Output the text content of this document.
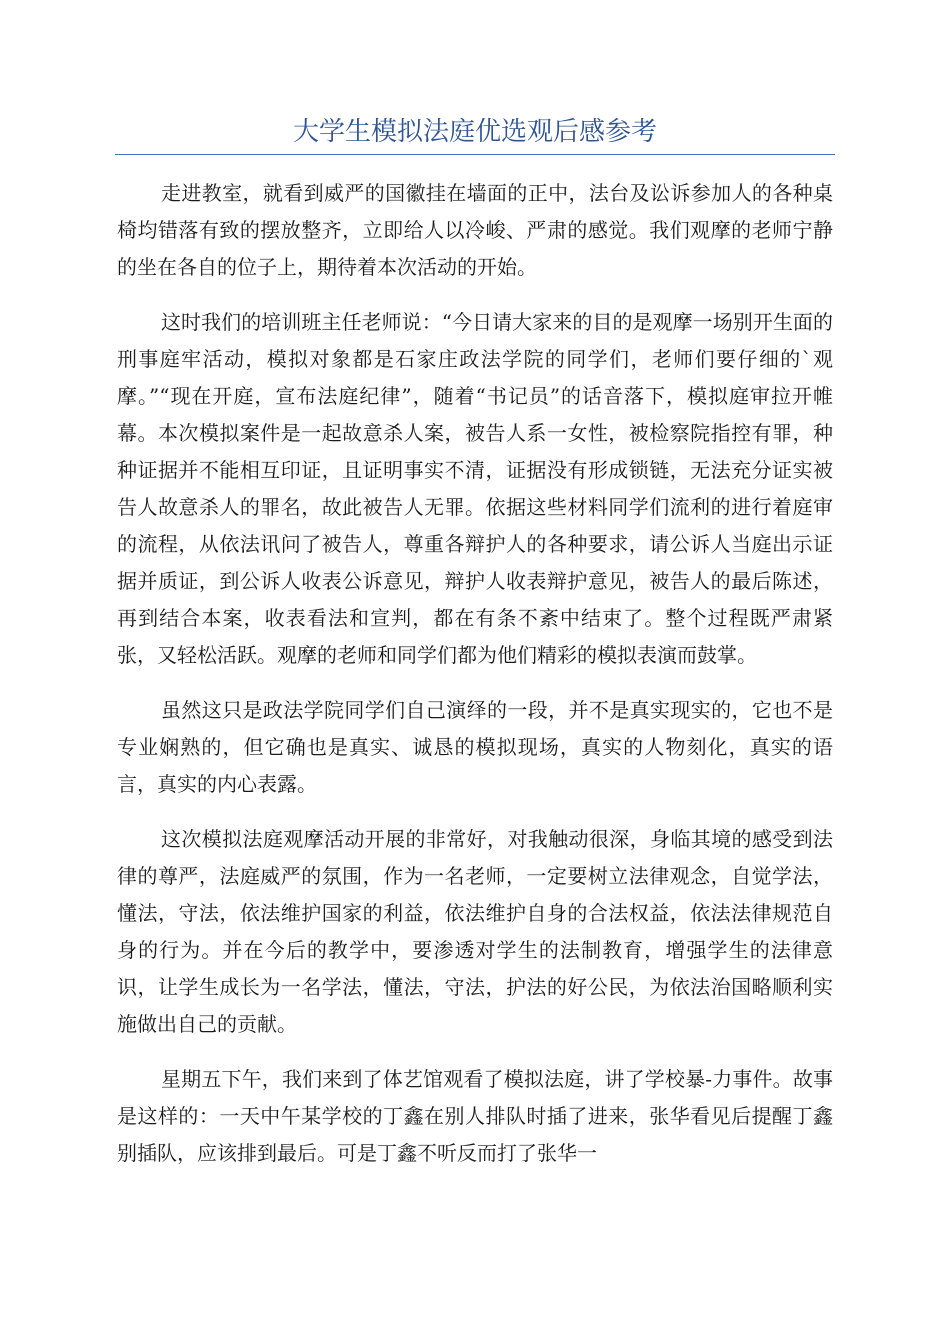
大学生模拟法庭优选观后感参考

走进教室，就看到威严的国徽挂在墙面的正中，法台及讼诉参加人的各种桌椅均错落有致的摆放整齐，立即给人以冷峻、严肃的感觉。我们观摩的老师宁静的坐在各自的位子上，期待着本次活动的开始。

这时我们的培训班主任老师说：“今日请大家来的目的是观摩一场别开生面的刑事庭牢活动，模拟对象都是石家庄政法学院的同学们，老师们要仔细的`观摩。”“现在开庭，宣布法庭纪律”，随着“书记员”的话音落下，模拟庭审拉开帷幕。本次模拟案件是一起故意杀人案，被告人系一女性，被检察院指控有罪，种种证据并不能相互印证，且证明事实不清，证据没有形成锁链，无法充分证实被告人故意杀人的罪名，故此被告人无罪。依据这些材料同学们流利的进行着庭审的流程，从依法讯问了被告人，尊重各辩护人的各种要求，请公诉人当庭出示证据并质证，到公诉人收表公诉意见，辩护人收表辩护意见，被告人的最后陈述，再到结合本案，收表看法和宣判，都在有条不紊中结束了。整个过程既严肃紧张，又轻松活跃。观摩的老师和同学们都为他们精彩的模拟表演而鼓掌。

虽然这只是政法学院同学们自己演绎的一段，并不是真实现实的，它也不是专业娴熟的，但它确也是真实、诚恳的模拟现场，真实的人物刻化，真实的语言，真实的内心表露。

这次模拟法庭观摩活动开展的非常好，对我触动很深，身临其境的感受到法律的尊严，法庭威严的氛围，作为一名老师，一定要树立法律观念，自觉学法，懂法，守法，依法维护国家的利益，依法维护自身的合法权益，依法法律规范自身的行为。并在今后的教学中，要渗透对学生的法制教育，增强学生的法律意识，让学生成长为一名学法，懂法，守法，护法的好公民，为依法治国略顺利实施做出自己的贡献。

星期五下午，我们来到了体艺馆观看了模拟法庭，讲了学校暴-力事件。故事是这样的：一天中午某学校的丁鑫在别人排队时插了进来，张华看见后提醒丁鑫别插队，应该排到最后。可是丁鑫不听反而打了张华一
